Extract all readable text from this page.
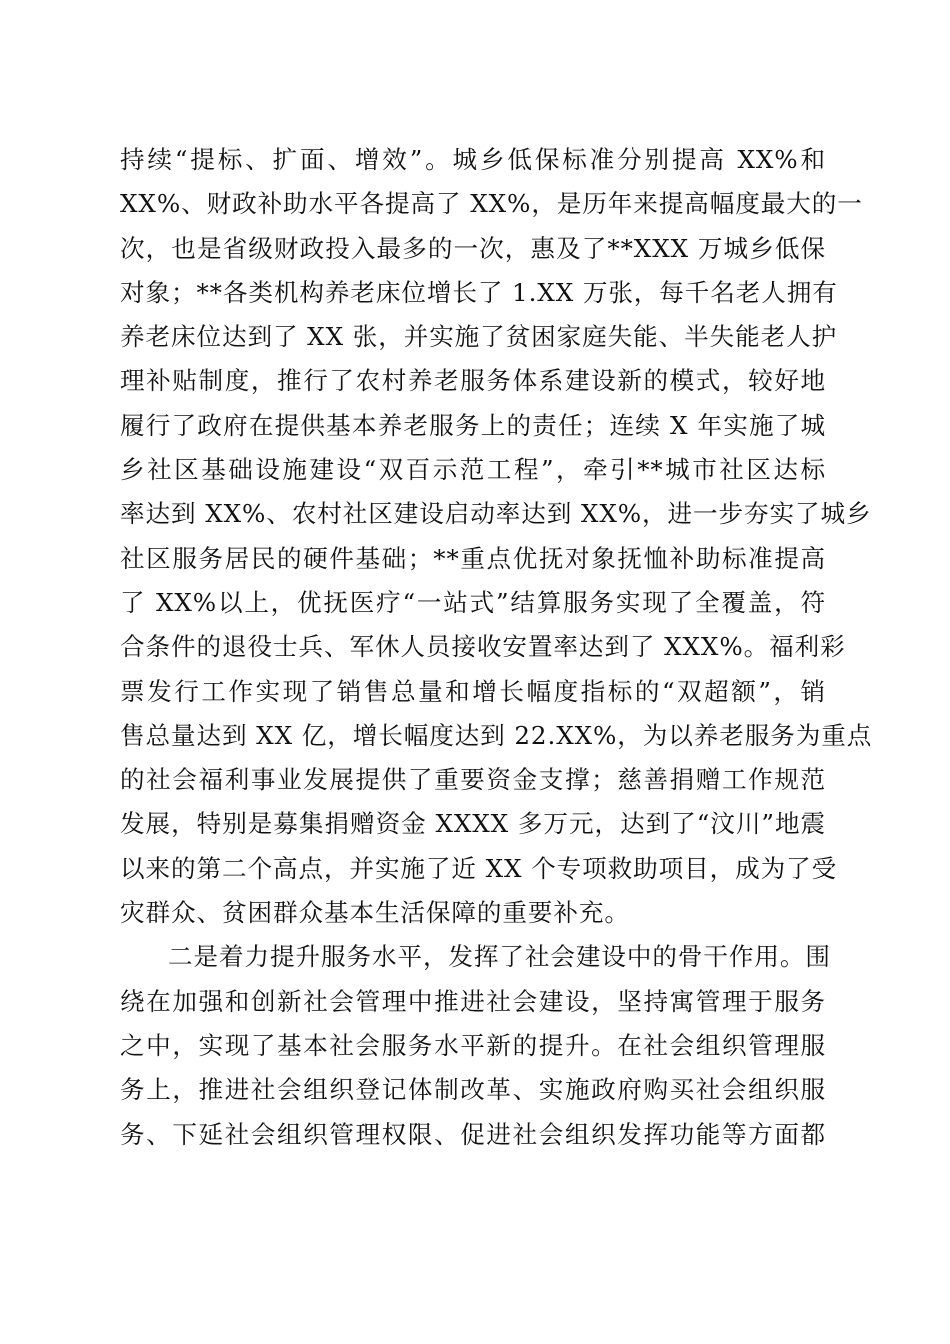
持续“提标、扩面、增效”。城乡低保标准分别提高 XX%和
XX%、财政补助水平各提高了 XX%，是历年来提高幅度最大的一
次，也是省级财政投入最多的一次，惠及了**XXX 万城乡低保
对象；**各类机构养老床位增长了 1.XX 万张，每千名老人拥有
养老床位达到了 XX 张，并实施了贫困家庭失能、半失能老人护
理补贴制度，推行了农村养老服务体系建设新的模式，较好地
履行了政府在提供基本养老服务上的责任；连续 X 年实施了城
乡社区基础设施建设“双百示范工程”，牵引**城市社区达标
率达到 XX%、农村社区建设启动率达到 XX%，进一步夯实了城乡
社区服务居民的硬件基础；**重点优抚对象抚恤补助标准提高
了 XX%以上，优抚医疗“一站式”结算服务实现了全覆盖，符
合条件的退役士兵、军休人员接收安置率达到了 XXX%。福利彩
票发行工作实现了销售总量和增长幅度指标的“双超额”，销
售总量达到 XX 亿，增长幅度达到 22.XX%，为以养老服务为重点
的社会福利事业发展提供了重要资金支撑；慈善捐赠工作规范
发展，特别是募集捐赠资金 XXXX 多万元，达到了“汶川”地震
以来的第二个高点，并实施了近 XX 个专项救助项目，成为了受
灾群众、贫困群众基本生活保障的重要补充。
二是着力提升服务水平，发挥了社会建设中的骨干作用。围
绕在加强和创新社会管理中推进社会建设，坚持寓管理于服务
之中，实现了基本社会服务水平新的提升。在社会组织管理服
务上，推进社会组织登记体制改革、实施政府购买社会组织服
务、下延社会组织管理权限、促进社会组织发挥功能等方面都
